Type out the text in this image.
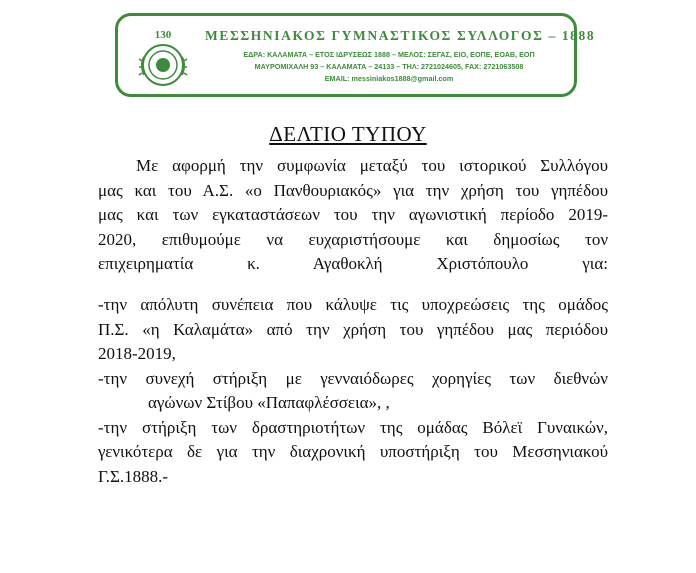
130	ΜΕΣΣΗΝΙΑΚΟΣ ΓΥΜΝΑΣΤΙΚΟΣ ΣΥΛΛΟΓΟΣ – 1888
ΕΔΡΑ: ΚΑΛΑΜΑΤΑ – ΕΤΟΣ ΙΔΡΥΣΕΩΣ 1888 – ΜΕΛΟΣ: ΣΕΓΑΣ, ΕΙΟ, ΕΟΠΕ, ΕΟΑΒ, ΕΟΠ
ΜΑΥΡΟΜΙΧΑΛΗ 93 – ΚΑΛΑΜΑΤΑ – 24133 – ΤΗΛ: 2721024605, FAX: 2721063508
EMAIL: messiniakos1888@gmail.com
ΔΕΛΤΙΟ ΤΥΠΟΥ
Με αφορμή την συμφωνία μεταξύ του ιστορικού Συλλόγου
μας και του Α.Σ. «ο Πανθουριακός» για την χρήση του γηπέδου
μας και των εγκαταστάσεων του την αγωνιστική περίοδο 2019-
2020, επιθυμούμε να ευχαριστήσουμε και δημοσίως τον
επιχειρηματία κ. Αγαθοκλή Χριστόπουλο για:
-την απόλυτη συνέπεια που κάλυψε τις υποχρεώσεις της ομάδος
Π.Σ. «η Καλαμάτα» από την χρήση του γηπέδου μας περιόδου
2018-2019,
-την συνεχή στήριξη με γενναιόδωρες χορηγίες των διεθνών
αγώνων Στίβου «Παπαφλέσσεια», ,
-την στήριξη των δραστηριοτήτων της ομάδας Βόλεϊ Γυναικών,
γενικότερα δε για την διαχρονική υποστήριξη του Μεσσηνιακού
Γ.Σ.1888.-
